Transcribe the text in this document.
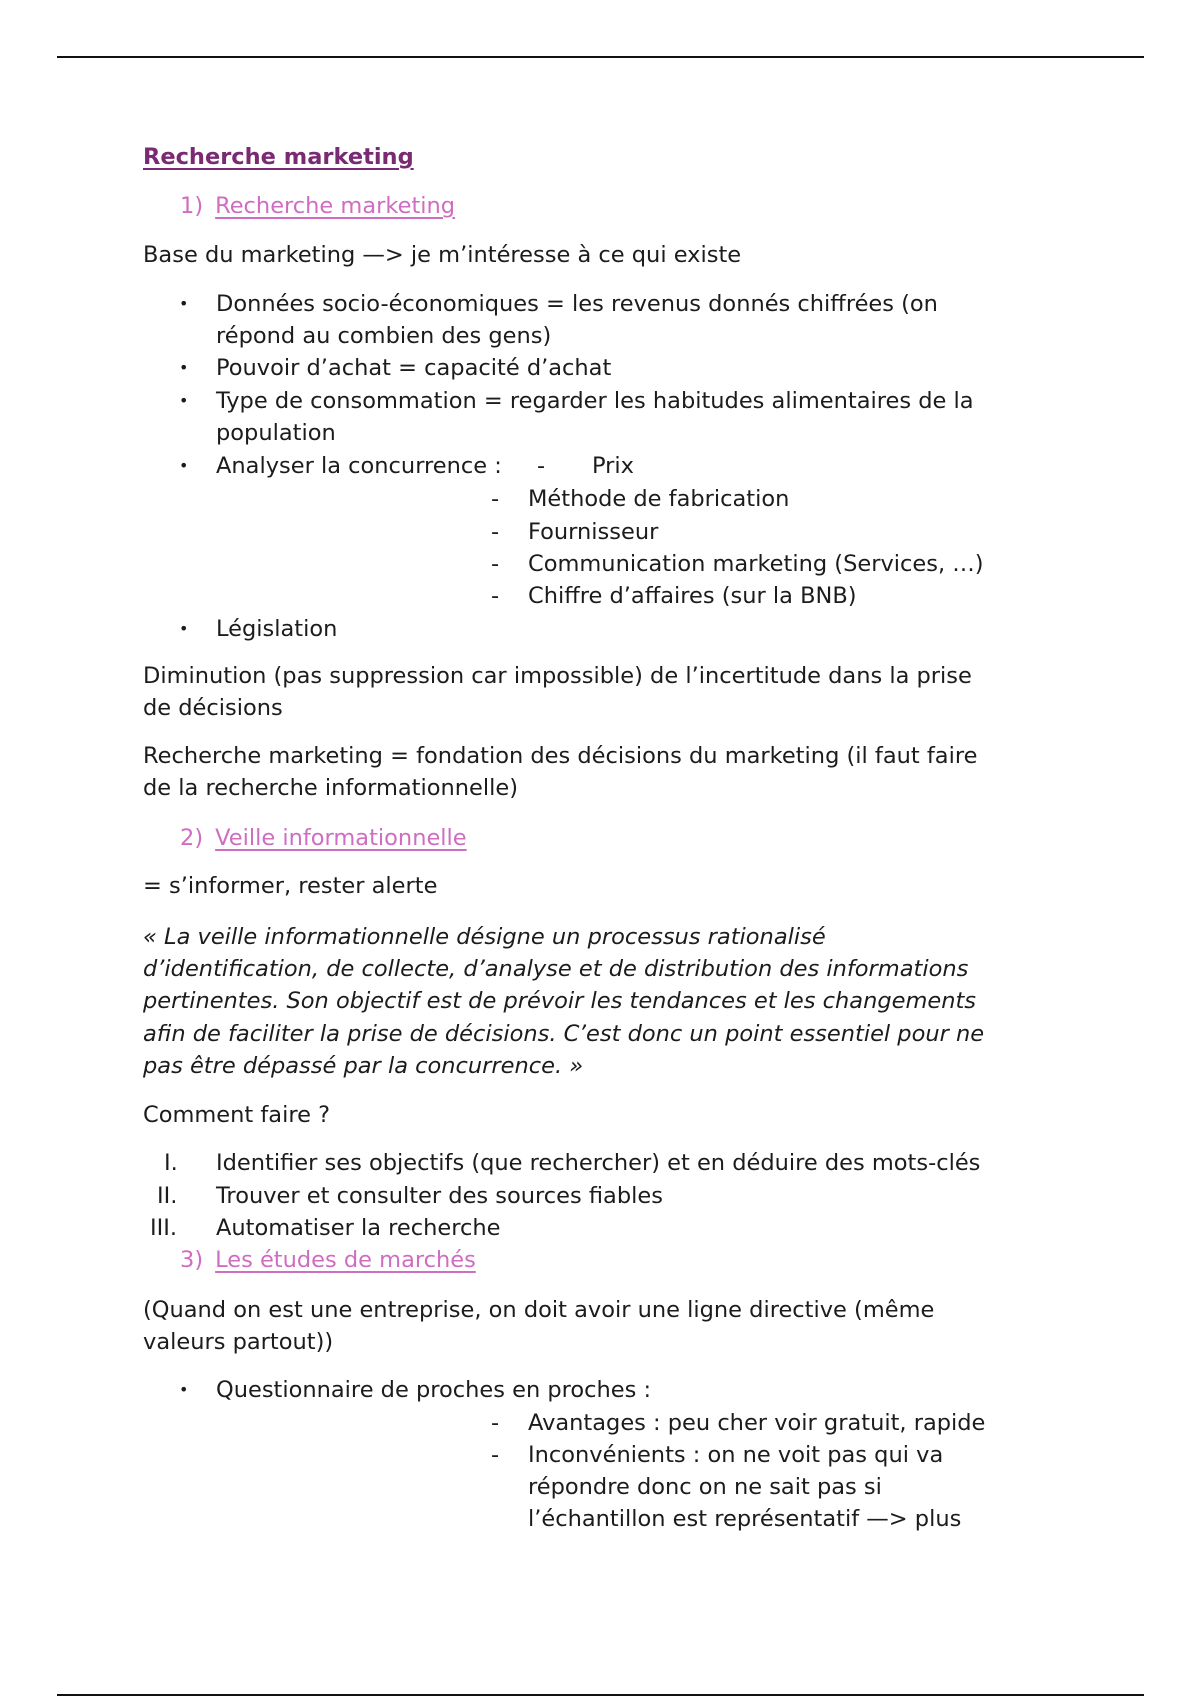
Recherche marketing
1) Recherche marketing
Base du marketing —> je m’intéresse à ce qui existe
• Données socio-économiques = les revenus donnés chiffrées (on
répond au combien des gens)
• Pouvoir d’achat = capacité d’achat
• Type de consommation = regarder les habitudes alimentaires de la
population
• Analyser la concurrence : - Prix
- Méthode de fabrication
- Fournisseur
- Communication marketing (Services, …)
- Chiffre d’affaires (sur la BNB)
• Législation
Diminution (pas suppression car impossible) de l’incertitude dans la prise
de décisions
Recherche marketing = fondation des décisions du marketing (il faut faire
de la recherche informationnelle)
2) Veille informationnelle
= s’informer, rester alerte
« La veille informationnelle désigne un processus rationalisé
d’identification, de collecte, d’analyse et de distribution des informations
pertinentes. Son objectif est de prévoir les tendances et les changements
afin de faciliter la prise de décisions. C’est donc un point essentiel pour ne
pas être dépassé par la concurrence. »
Comment faire ?
I. Identifier ses objectifs (que rechercher) et en déduire des mots-clés
II. Trouver et consulter des sources fiables
III. Automatiser la recherche
3) Les études de marchés
(Quand on est une entreprise, on doit avoir une ligne directive (même
valeurs partout))
• Questionnaire de proches en proches :
- Avantages : peu cher voir gratuit, rapide
- Inconvénients : on ne voit pas qui va
répondre donc on ne sait pas si
l’échantillon est représentatif —> plus
